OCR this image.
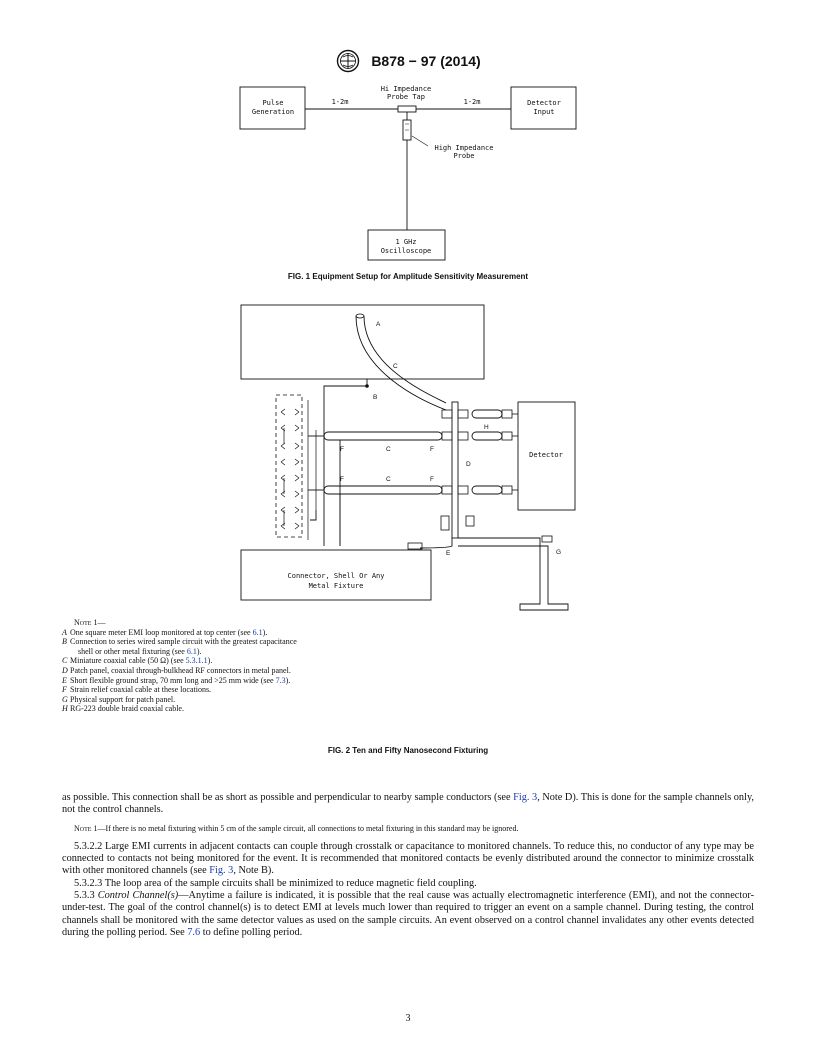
B878 − 97 (2014)
Pulse
Generation
Detector
Input
1-2m	1-2m
Hi Impedance
Probe Tap
High Impedance
Probe
1 GHz
Oscilloscope
FIG. 1 Equipment Setup for Amplitude Sensitivity Measurement
A
C
B
F	C	F
F	C	F
D
H
Detector
E	G
Connector, Shell Or Any
Metal Fixture
Note 1—
A One square meter EMI loop monitored at top center (see 6.1).
B Connection to series wired sample circuit with the greatest capacitance
shell or other metal fixturing (see 6.1).
C Miniature coaxial cable (50 Ω) (see 5.3.1.1).
D Patch panel, coaxial through-bulkhead RF connectors in metal panel.
E Short flexible ground strap, 70 mm long and >25 mm wide (see 7.3).
F Strain relief coaxial cable at these locations.
G Physical support for patch panel.
H RG-223 double braid coaxial cable.
FIG. 2 Ten and Fifty Nanosecond Fixturing

as possible. This connection shall be as short as possible and perpendicular to nearby sample conductors (see Fig. 3, Note D). This is done for the sample channels only, not the control channels.

Note 1—If there is no metal fixturing within 5 cm of the sample circuit, all connections to metal fixturing in this standard may be ignored.

5.3.2.2 Large EMI currents in adjacent contacts can couple through crosstalk or capacitance to monitored channels. To reduce this, no conductor of any type may be connected to contacts not being monitored for the event. It is recommended that monitored contacts be evenly distributed around the connector to minimize crosstalk with other monitored channels (see Fig. 3, Note B).

5.3.2.3 The loop area of the sample circuits shall be minimized to reduce magnetic field coupling.

5.3.3 Control Channel(s)—Anytime a failure is indicated, it is possible that the real cause was actually electromagnetic interference (EMI), and not the connector-under-test. The goal of the control channel(s) is to detect EMI at levels much lower than required to trigger an event on a sample channel. During testing, the control channels shall be monitored with the same detector values as used on the sample circuits. An event observed on a control channel invalidates any other events detected during the polling period. See 7.6 to define polling period.

3
